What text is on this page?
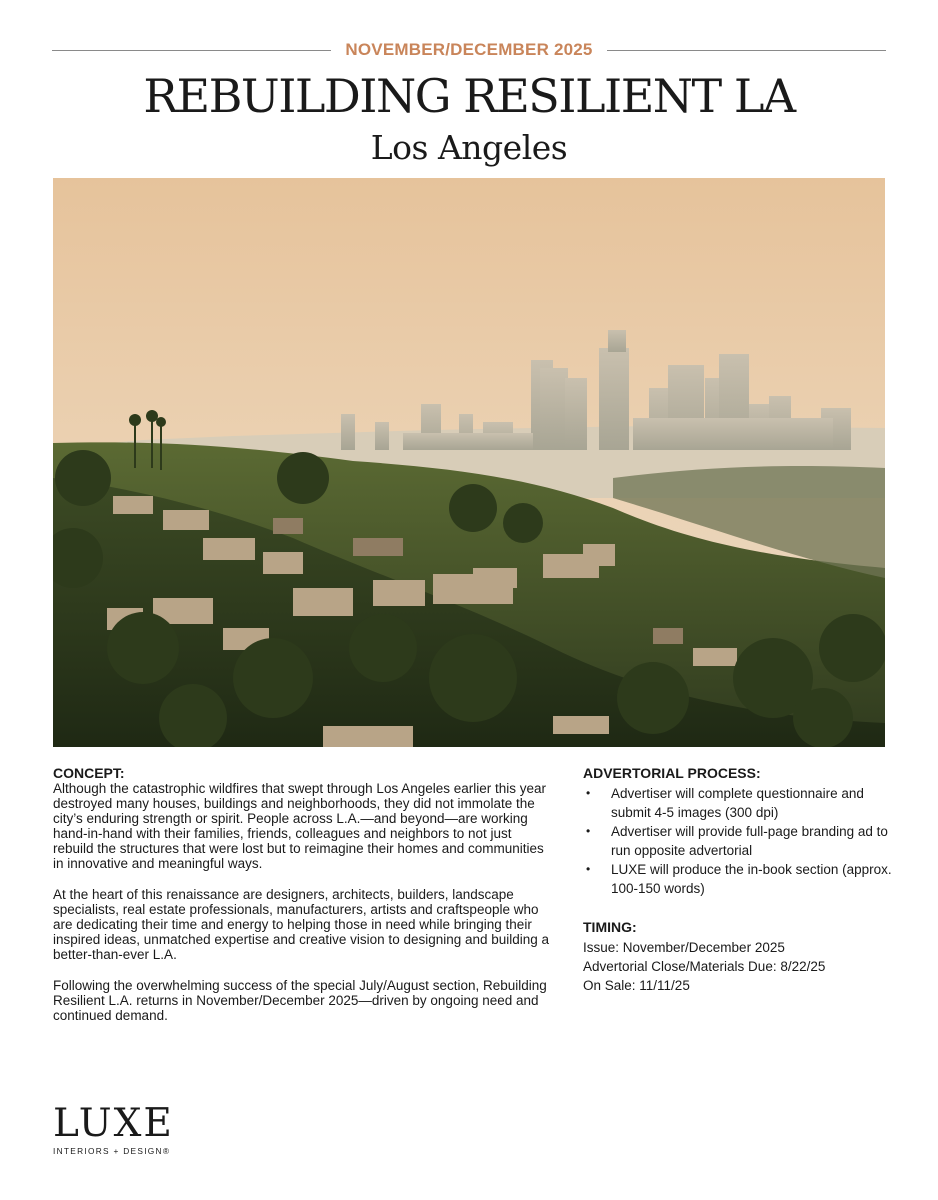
NOVEMBER/DECEMBER 2025
REBUILDING RESILIENT LA
Los Angeles
CONCEPT:

Although the catastrophic wildfires that swept through Los Angeles earlier this year destroyed many houses, buildings and neighborhoods, they did not immolate the city’s enduring strength or spirit. People across L.A.—and beyond—are working hand-in-hand with their families, friends, colleagues and neighbors to not just rebuild the structures that were lost but to reimagine their homes and communities in innovative and meaningful ways.

At the heart of this renaissance are designers, architects, builders, landscape specialists, real estate professionals, manufacturers, artists and craftspeople who are dedicating their time and energy to helping those in need while bringing their inspired ideas, unmatched expertise and creative vision to designing and building a better-than-ever L.A.

Following the overwhelming success of the special July/August section, Rebuilding Resilient L.A. returns in November/December 2025—driven by ongoing need and continued demand.

ADVERTORIAL PROCESS:
• Advertiser will complete questionnaire and submit 4-5 images (300 dpi)
• Advertiser will provide full-page branding ad to run opposite advertorial
• LUXE will produce the in-book section (approx. 100-150 words)
TIMING:

Issue: November/December 2025

Advertorial Close/Materials Due: 8/22/25

On Sale: 11/11/25

LUXE
INTERIORS + DESIGN®
